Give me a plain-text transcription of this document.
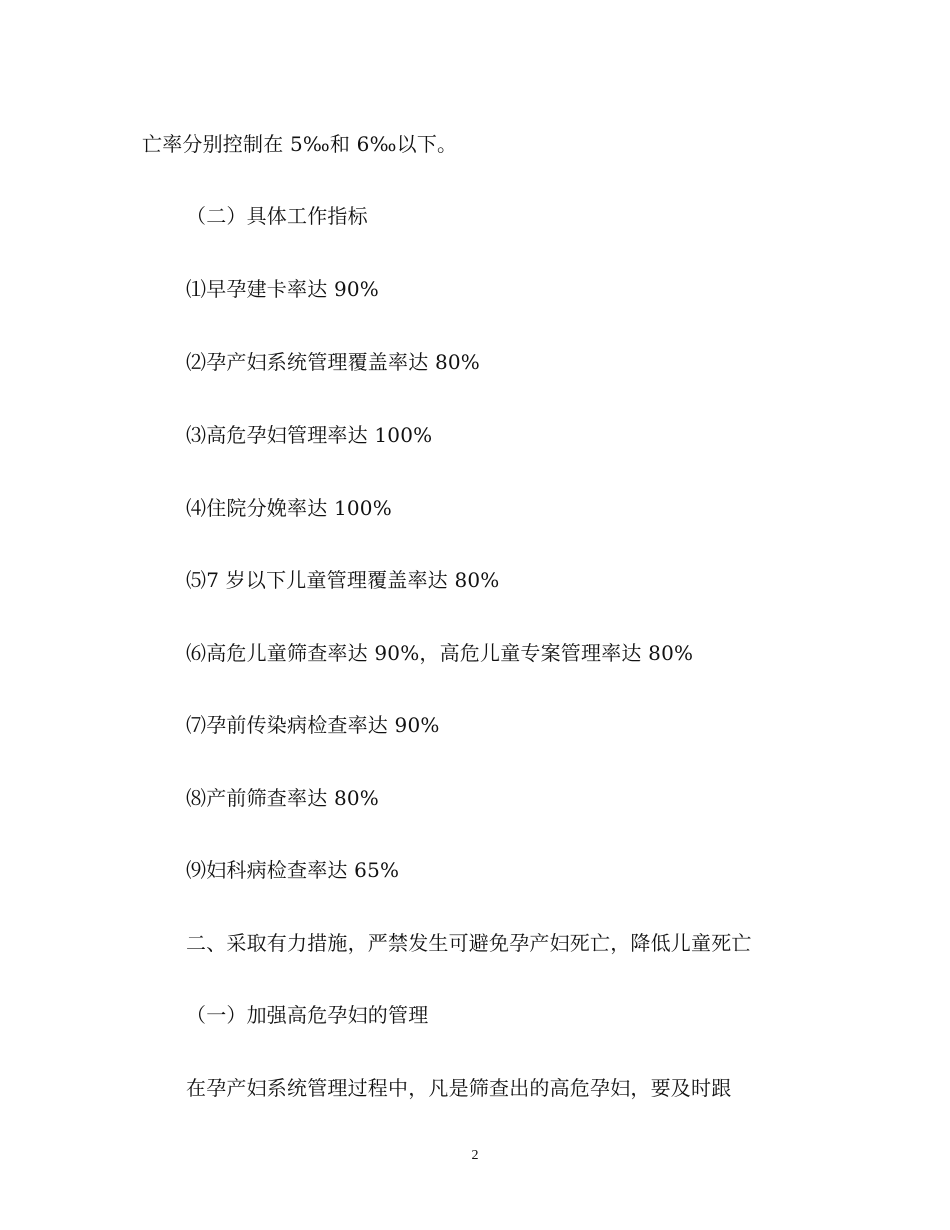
亡率分别控制在 5‰和 6‰以下。
（二）具体工作指标
⑴早孕建卡率达 90%
⑵孕产妇系统管理覆盖率达 80%
⑶高危孕妇管理率达 100%
⑷住院分娩率达 100%
⑸7 岁以下儿童管理覆盖率达 80%
⑹高危儿童筛查率达 90%，高危儿童专案管理率达 80%
⑺孕前传染病检查率达 90%
⑻产前筛查率达 80%
⑼妇科病检查率达 65%
二、采取有力措施，严禁发生可避免孕产妇死亡，降低儿童死亡
（一）加强高危孕妇的管理
在孕产妇系统管理过程中，凡是筛查出的高危孕妇，要及时跟
2
